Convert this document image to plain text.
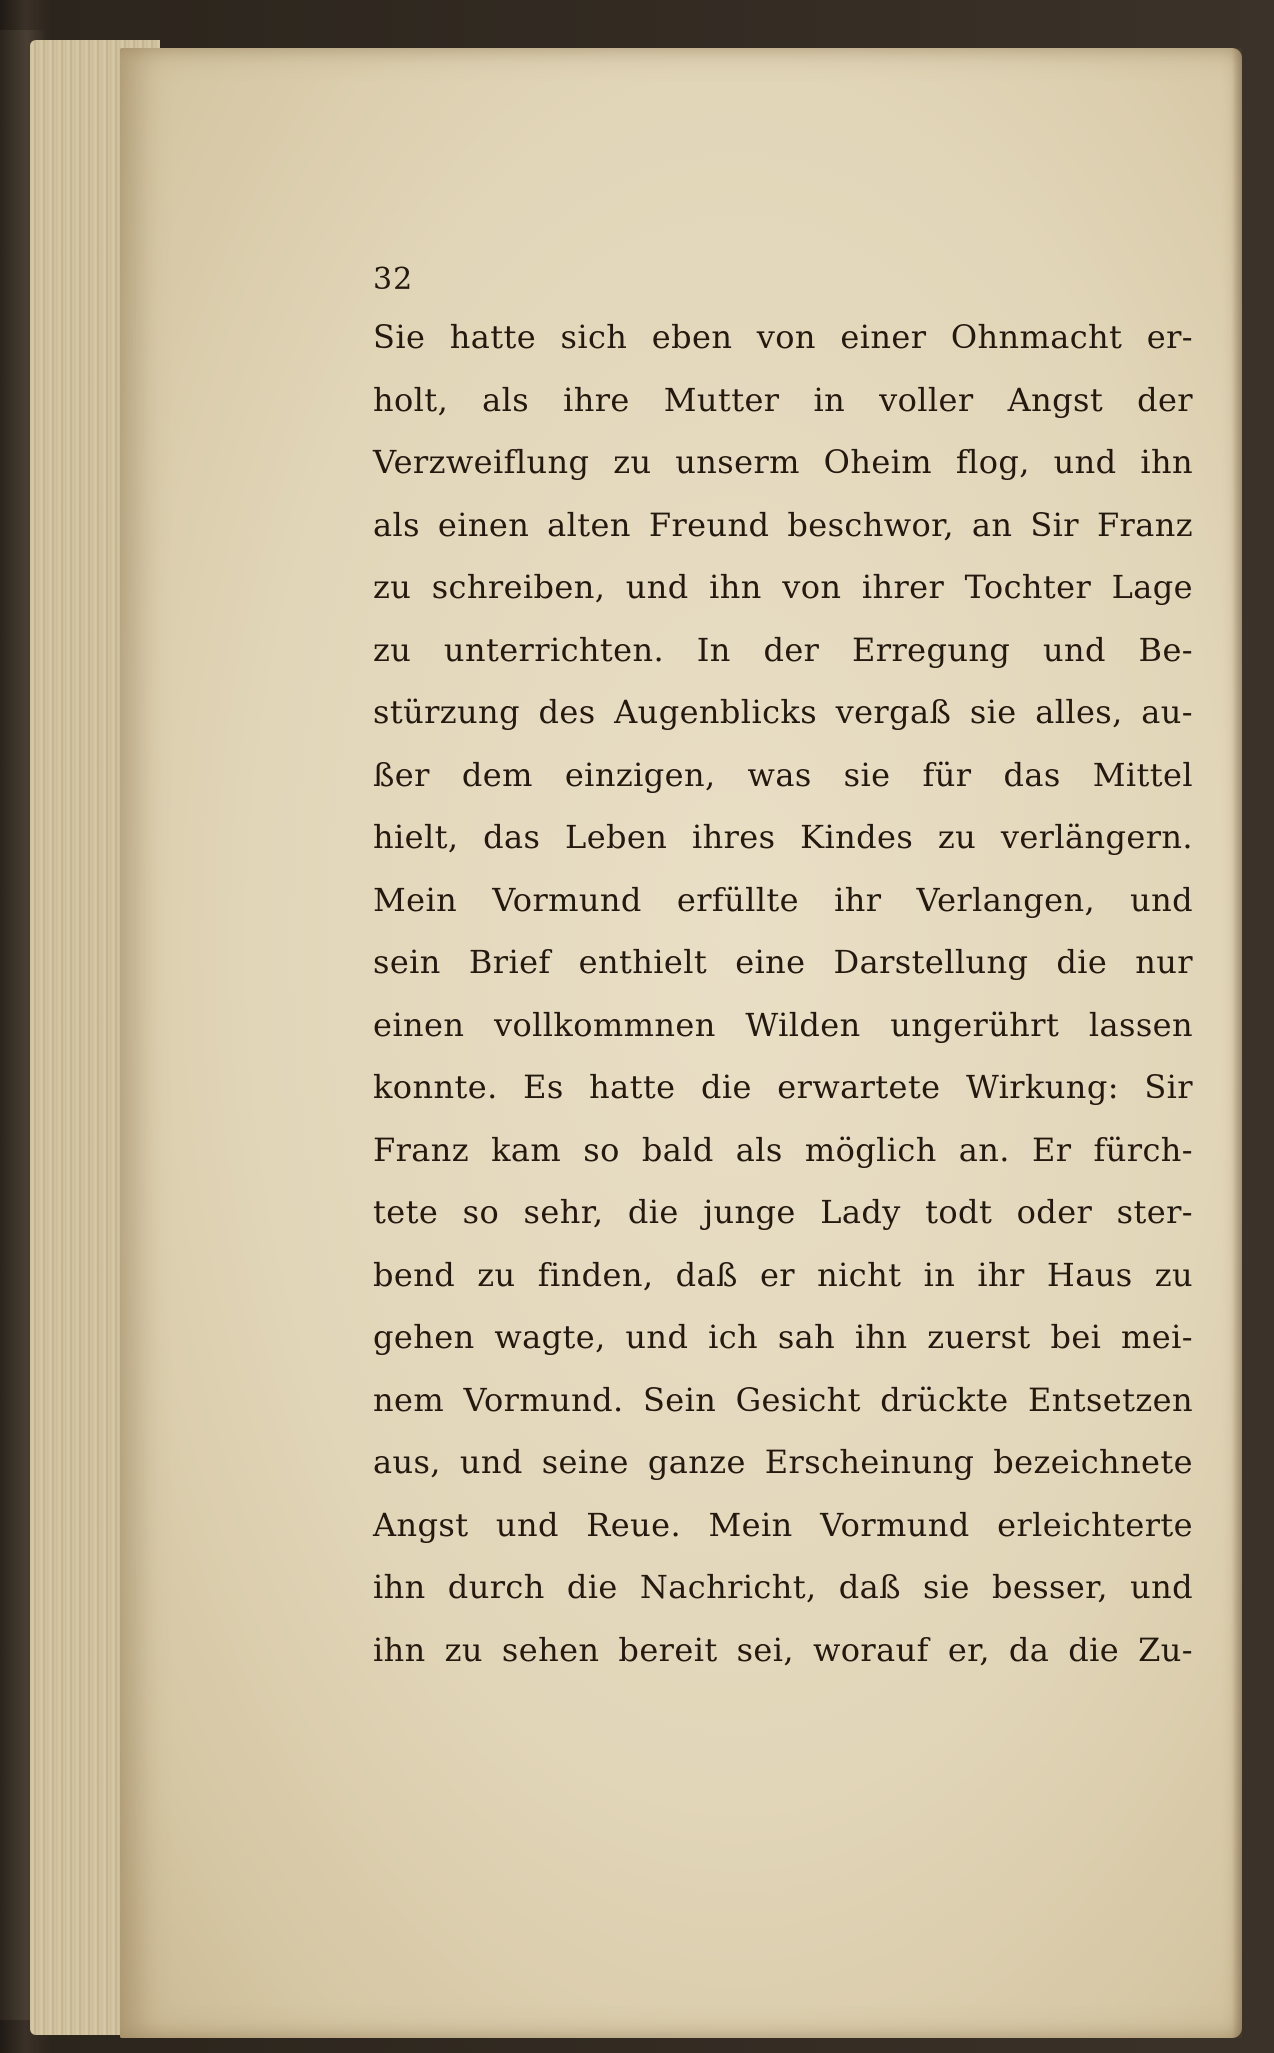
32
Sie hatte sich eben von einer Ohnmacht er-
holt, als ihre Mutter in voller Angst der
Verzweiflung zu unserm Oheim flog, und ihn
als einen alten Freund beschwor, an Sir Franz
zu schreiben, und ihn von ihrer Tochter Lage
zu unterrichten. In der Erregung und Be-
stürzung des Augenblicks vergaß sie alles, au-
ßer dem einzigen, was sie für das Mittel
hielt, das Leben ihres Kindes zu verlängern.
Mein Vormund erfüllte ihr Verlangen, und
sein Brief enthielt eine Darstellung die nur
einen vollkommnen Wilden ungerührt lassen
konnte. Es hatte die erwartete Wirkung: Sir
Franz kam so bald als möglich an. Er fürch-
tete so sehr, die junge Lady todt oder ster-
bend zu finden, daß er nicht in ihr Haus zu
gehen wagte, und ich sah ihn zuerst bei mei-
nem Vormund. Sein Gesicht drückte Entsetzen
aus, und seine ganze Erscheinung bezeichnete
Angst und Reue. Mein Vormund erleichterte
ihn durch die Nachricht, daß sie besser, und
ihn zu sehen bereit sei, worauf er, da die Zu-
